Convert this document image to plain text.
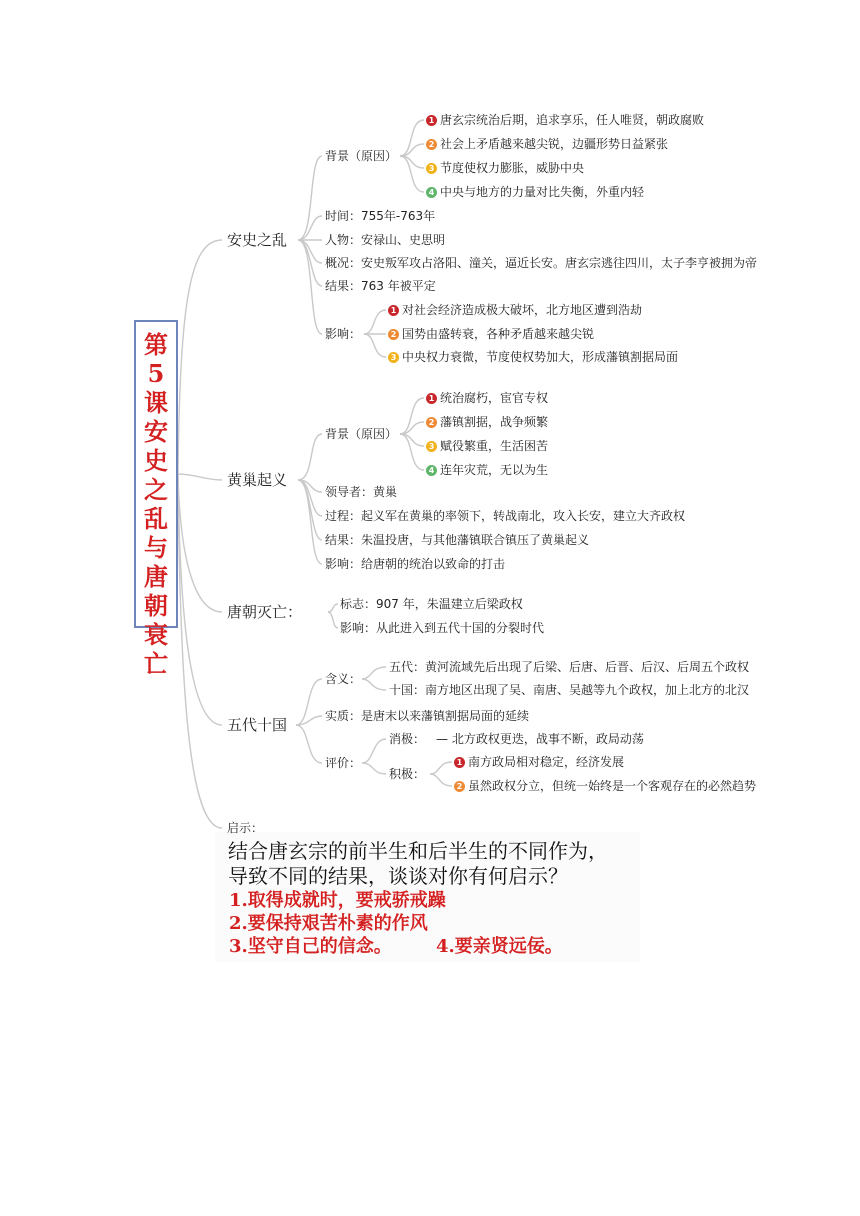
第5课安史之乱与唐朝衰亡
安史之乱
背景（原因）
1 唐玄宗统治后期，追求享乐，任人唯贤，朝政腐败
2 社会上矛盾越来越尖锐，边疆形势日益紧张
3 节度使权力膨胀，威胁中央
4 中央与地方的力量对比失衡，外重内轻
时间：755年-763年
人物：安禄山、史思明
概况：安史叛军攻占洛阳、潼关，逼近长安。唐玄宗逃往四川，太子李亨被拥为帝
结果：763 年被平定
影响：
1 对社会经济造成极大破坏，北方地区遭到浩劫
2 国势由盛转衰，各种矛盾越来越尖锐
3 中央权力衰微，节度使权势加大，形成藩镇割据局面
黄巢起义
背景（原因）
1 统治腐朽，宦官专权
2 藩镇割据，战争频繁
3 赋役繁重，生活困苦
4 连年灾荒，无以为生
领导者：黄巢
过程：起义军在黄巢的率领下，转战南北，攻入长安，建立大齐政权
结果：朱温投唐，与其他藩镇联合镇压了黄巢起义
影响：给唐朝的统治以致命的打击
唐朝灭亡：	标志：907 年，朱温建立后梁政权
影响：从此进入到五代十国的分裂时代
五代十国
含义：
五代：黄河流域先后出现了后梁、后唐、后晋、后汉、后周五个政权
十国：南方地区出现了吴、南唐、吴越等九个政权，加上北方的北汉
实质：是唐末以来藩镇割据局面的延续
评价：
消极： — 北方政权更迭，战事不断，政局动荡
积极：
1 南方政局相对稳定，经济发展
2 虽然政权分立，但统一始终是一个客观存在的必然趋势
启示：
结合唐玄宗的前半生和后半生的不同作为，
导致不同的结果，谈谈对你有何启示？
1.取得成就时，要戒骄戒躁
2.要保持艰苦朴素的作风
3.坚守自己的信念。 4.要亲贤远佞。
